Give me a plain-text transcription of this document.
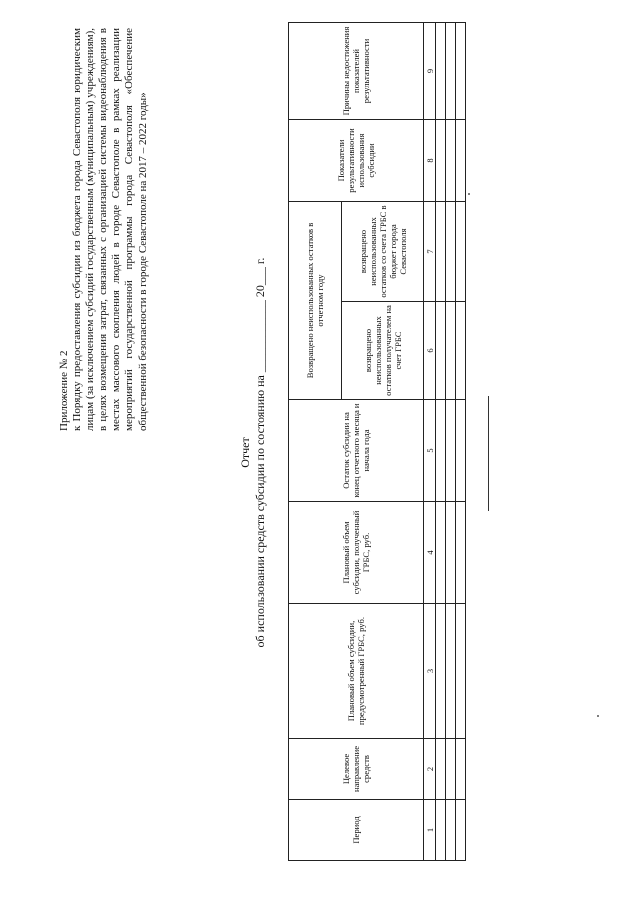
Приложение № 2 к Порядку предоставления субсидии из бюджета города Севастополя юридическим лицам (за исключением субсидий государственным (муниципальным) учреждениям), в целях возмещения затрат, связанных с организацией системы видеонаблюдения в местах массового скопления людей в городе Севастополе в рамках реализации мероприятий государственной программы города Севастополя «Обеспечение общественной безопасности в городе Севастополе на 2017 – 2022 годы»
Отчет об использовании средств субсидии по состоянию на ____________ 20___ г.
Период	Целевое направление средств	Плановый объем субсидии, предусмотренный ГРБС, руб.	Плановый объем субсидии, полученный ГРБС, руб.	Остаток субсидии на конец отчетного месяца и начала года	Возвращено неиспользованных остатков в отчетном году		Показатели результативности использования субсидии	Причины недостижения показателей результативности
					возвращено неиспользованных остатков получателем на счет ГРБС	возвращено неиспользованных остатков со счета ГРБС в бюджет города Севастополя		
1	2	3	4	5	6	7	8	9
